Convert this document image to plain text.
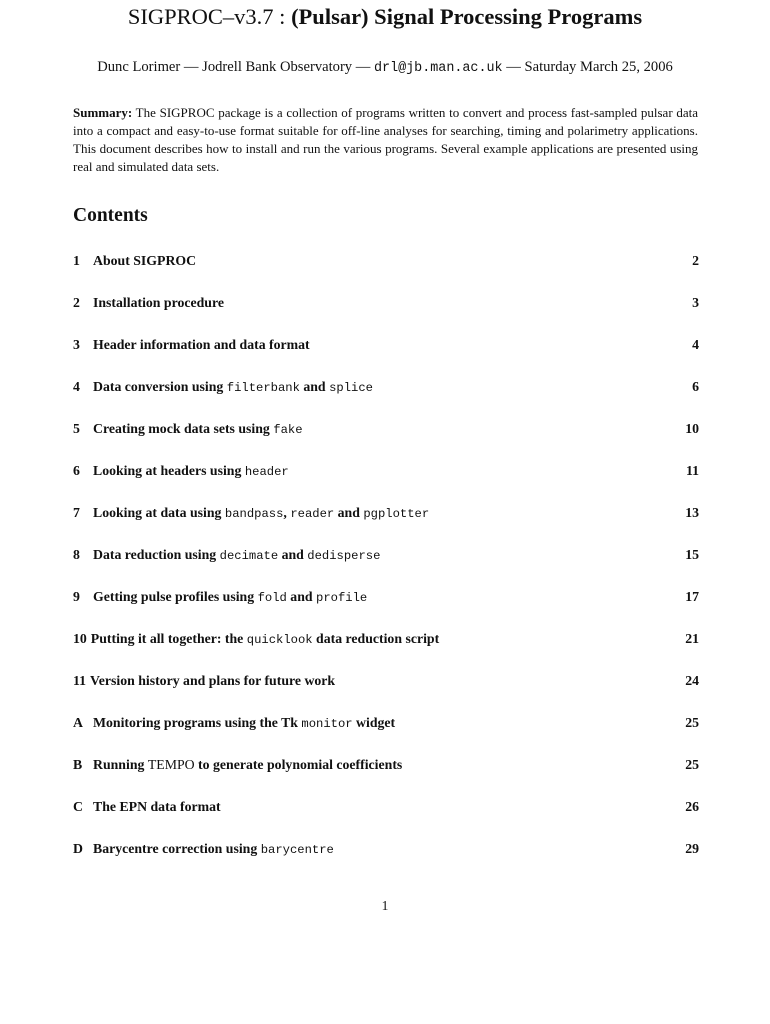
SIGPROC–v3.7 : (Pulsar) Signal Processing Programs
Dunc Lorimer — Jodrell Bank Observatory — drl@jb.man.ac.uk — Saturday March 25, 2006
Summary: The SIGPROC package is a collection of programs written to convert and process fast-sampled pulsar data into a compact and easy-to-use format suitable for off-line analyses for searching, timing and polarimetry applications. This document describes how to install and run the various programs. Several example applications are presented using real and simulated data sets.
Contents
1 About SIGPROC	2
2 Installation procedure	3
3 Header information and data format	4
4 Data conversion using filterbank and splice	6
5 Creating mock data sets using fake	10
6 Looking at headers using header	11
7 Looking at data using bandpass, reader and pgplotter	13
8 Data reduction using decimate and dedisperse	15
9 Getting pulse profiles using fold and profile	17
10 Putting it all together: the quicklook data reduction script	21
11 Version history and plans for future work	24
A Monitoring programs using the Tk monitor widget	25
B Running TEMPO to generate polynomial coefficients	25
C The EPN data format	26
D Barycentre correction using barycentre	29
1
